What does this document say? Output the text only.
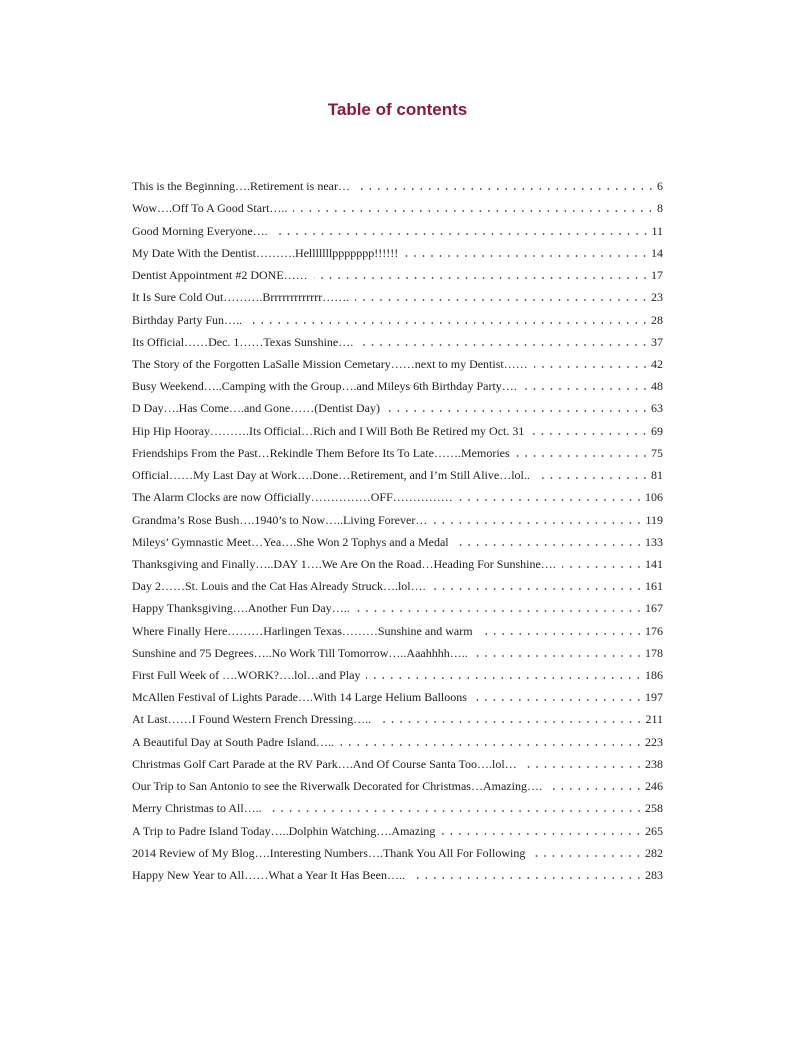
Table of contents
This is the Beginning….Retirement is near…	6
Wow….Off To A Good Start…..	8
Good Morning Everyone….	11
My Date With the Dentist……….Helllllllppppppp!!!!!!	14
Dentist Appointment #2 DONE……	17
It Is Sure Cold Out……….Brrrrrrrrrrrrr…….	23
Birthday Party Fun…..	28
Its Official……Dec. 1……Texas Sunshine….	37
The Story of the Forgotten LaSalle Mission Cemetary……next to my Dentist……	42
Busy Weekend…..Camping with the Group….and Mileys 6th Birthday Party….	48
D Day….Has Come….and Gone……(Dentist Day)	63
Hip Hip Hooray……….Its Official…Rich and I Will Both Be Retired my Oct. 31	69
Friendships From the Past…Rekindle Them Before Its To Late…….Memories	75
Official……My Last Day at Work….Done…Retirement, and I’m Still Alive…lol..	81
The Alarm Clocks are now Officially……………OFF……………	106
Grandma’s Rose Bush….1940’s to Now…..Living Forever…	119
Mileys’ Gymnastic Meet…Yea….She Won 2 Tophys and a Medal	133
Thanksgiving and Finally…..DAY 1….We Are On the Road…Heading For Sunshine….	141
Day 2……St. Louis and the Cat Has Already Struck….lol….	161
Happy Thanksgiving….Another Fun Day…..	167
Where Finally Here………Harlingen Texas………Sunshine and warm	176
Sunshine and 75 Degrees…..No Work Till Tomorrow…..Aaahhhh…..	178
First Full Week of ….WORK?….lol…and Play	186
McAllen Festival of Lights Parade….With 14 Large Helium Balloons	197
At Last……I Found Western French Dressing…..	211
A Beautiful Day at South Padre Island…..	223
Christmas Golf Cart Parade at the RV Park….And Of Course Santa Too….lol…	238
Our Trip to San Antonio to see the Riverwalk Decorated for Christmas…Amazing….	246
Merry Christmas to All…..	258
A Trip to Padre Island Today…..Dolphin Watching….Amazing	265
2014 Review of My Blog….Interesting Numbers….Thank You All For Following	282
Happy New Year to All……What a Year It Has Been…..	283
